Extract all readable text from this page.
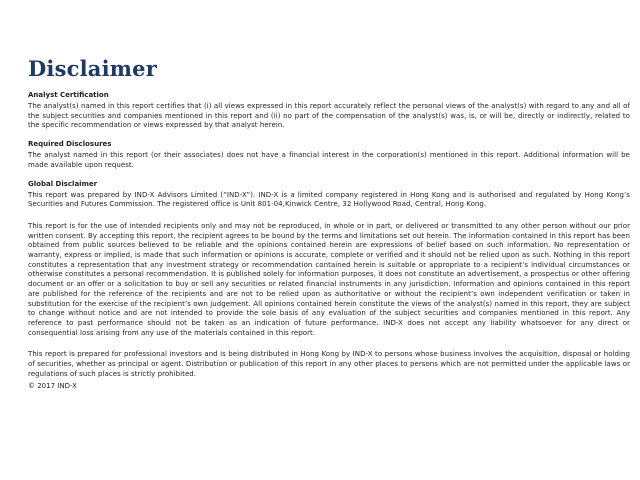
Disclaimer
Analyst Certification

The analyst(s) named in this report certifies that (i) all views expressed in this report accurately reflect the personal views of the analyst(s) with regard to any and all of the subject securities and companies mentioned in this report and (ii) no part of the compensation of the analyst(s) was, is, or will be, directly or indirectly, related to the specific recommendation or views expressed by that analyst herein.

Required Disclosures

The analyst named in this report (or their associates) does not have a financial interest in the corporation(s) mentioned in this report. Additional information will be made available upon request.

Global Disclaimer

This report was prepared by IND-X Advisors Limited (“IND-X”). IND-X is a limited company registered in Hong Kong and is authorised and regulated by Hong Kong’s Securities and Futures Commission. The registered office is Unit 801-04,Kinwick Centre, 32 Hollywood Road, Central, Hong Kong.

This report is for the use of intended recipients only and may not be reproduced, in whole or in part, or delivered or transmitted to any other person without our prior written consent. By accepting this report, the recipient agrees to be bound by the terms and limitations set out herein. The information contained in this report has been obtained from public sources believed to be reliable and the opinions contained herein are expressions of belief based on such information. No representation or warranty, express or implied, is made that such information or opinions is accurate, complete or verified and it should not be relied upon as such. Nothing in this report constitutes a representation that any investment strategy or recommendation contained herein is suitable or appropriate to a recipient’s individual circumstances or otherwise constitutes a personal recommendation. It is published solely for information purposes, it does not constitute an advertisement, a prospectus or other offering document or an offer or a solicitation to buy or sell any securities or related financial instruments in any jurisdiction. Information and opinions contained in this report are published for the reference of the recipients and are not to be relied upon as authoritative or without the recipient’s own independent verification or taken in substitution for the exercise of the recipient’s own judgement. All opinions contained herein constitute the views of the analyst(s) named in this report, they are subject to change without notice and are not intended to provide the sole basis of any evaluation of the subject securities and companies mentioned in this report. Any reference to past performance should not be taken as an indication of future performance. IND-X does not accept any liability whatsoever for any direct or consequential loss arising from any use of the materials contained in this report.

This report is prepared for professional investors and is being distributed in Hong Kong by IND-X to persons whose business involves the acquisition, disposal or holding of securities, whether as principal or agent. Distribution or publication of this report in any other places to persons which are not permitted under the applicable laws or regulations of such places is strictly prohibited.

© 2017 IND-X
